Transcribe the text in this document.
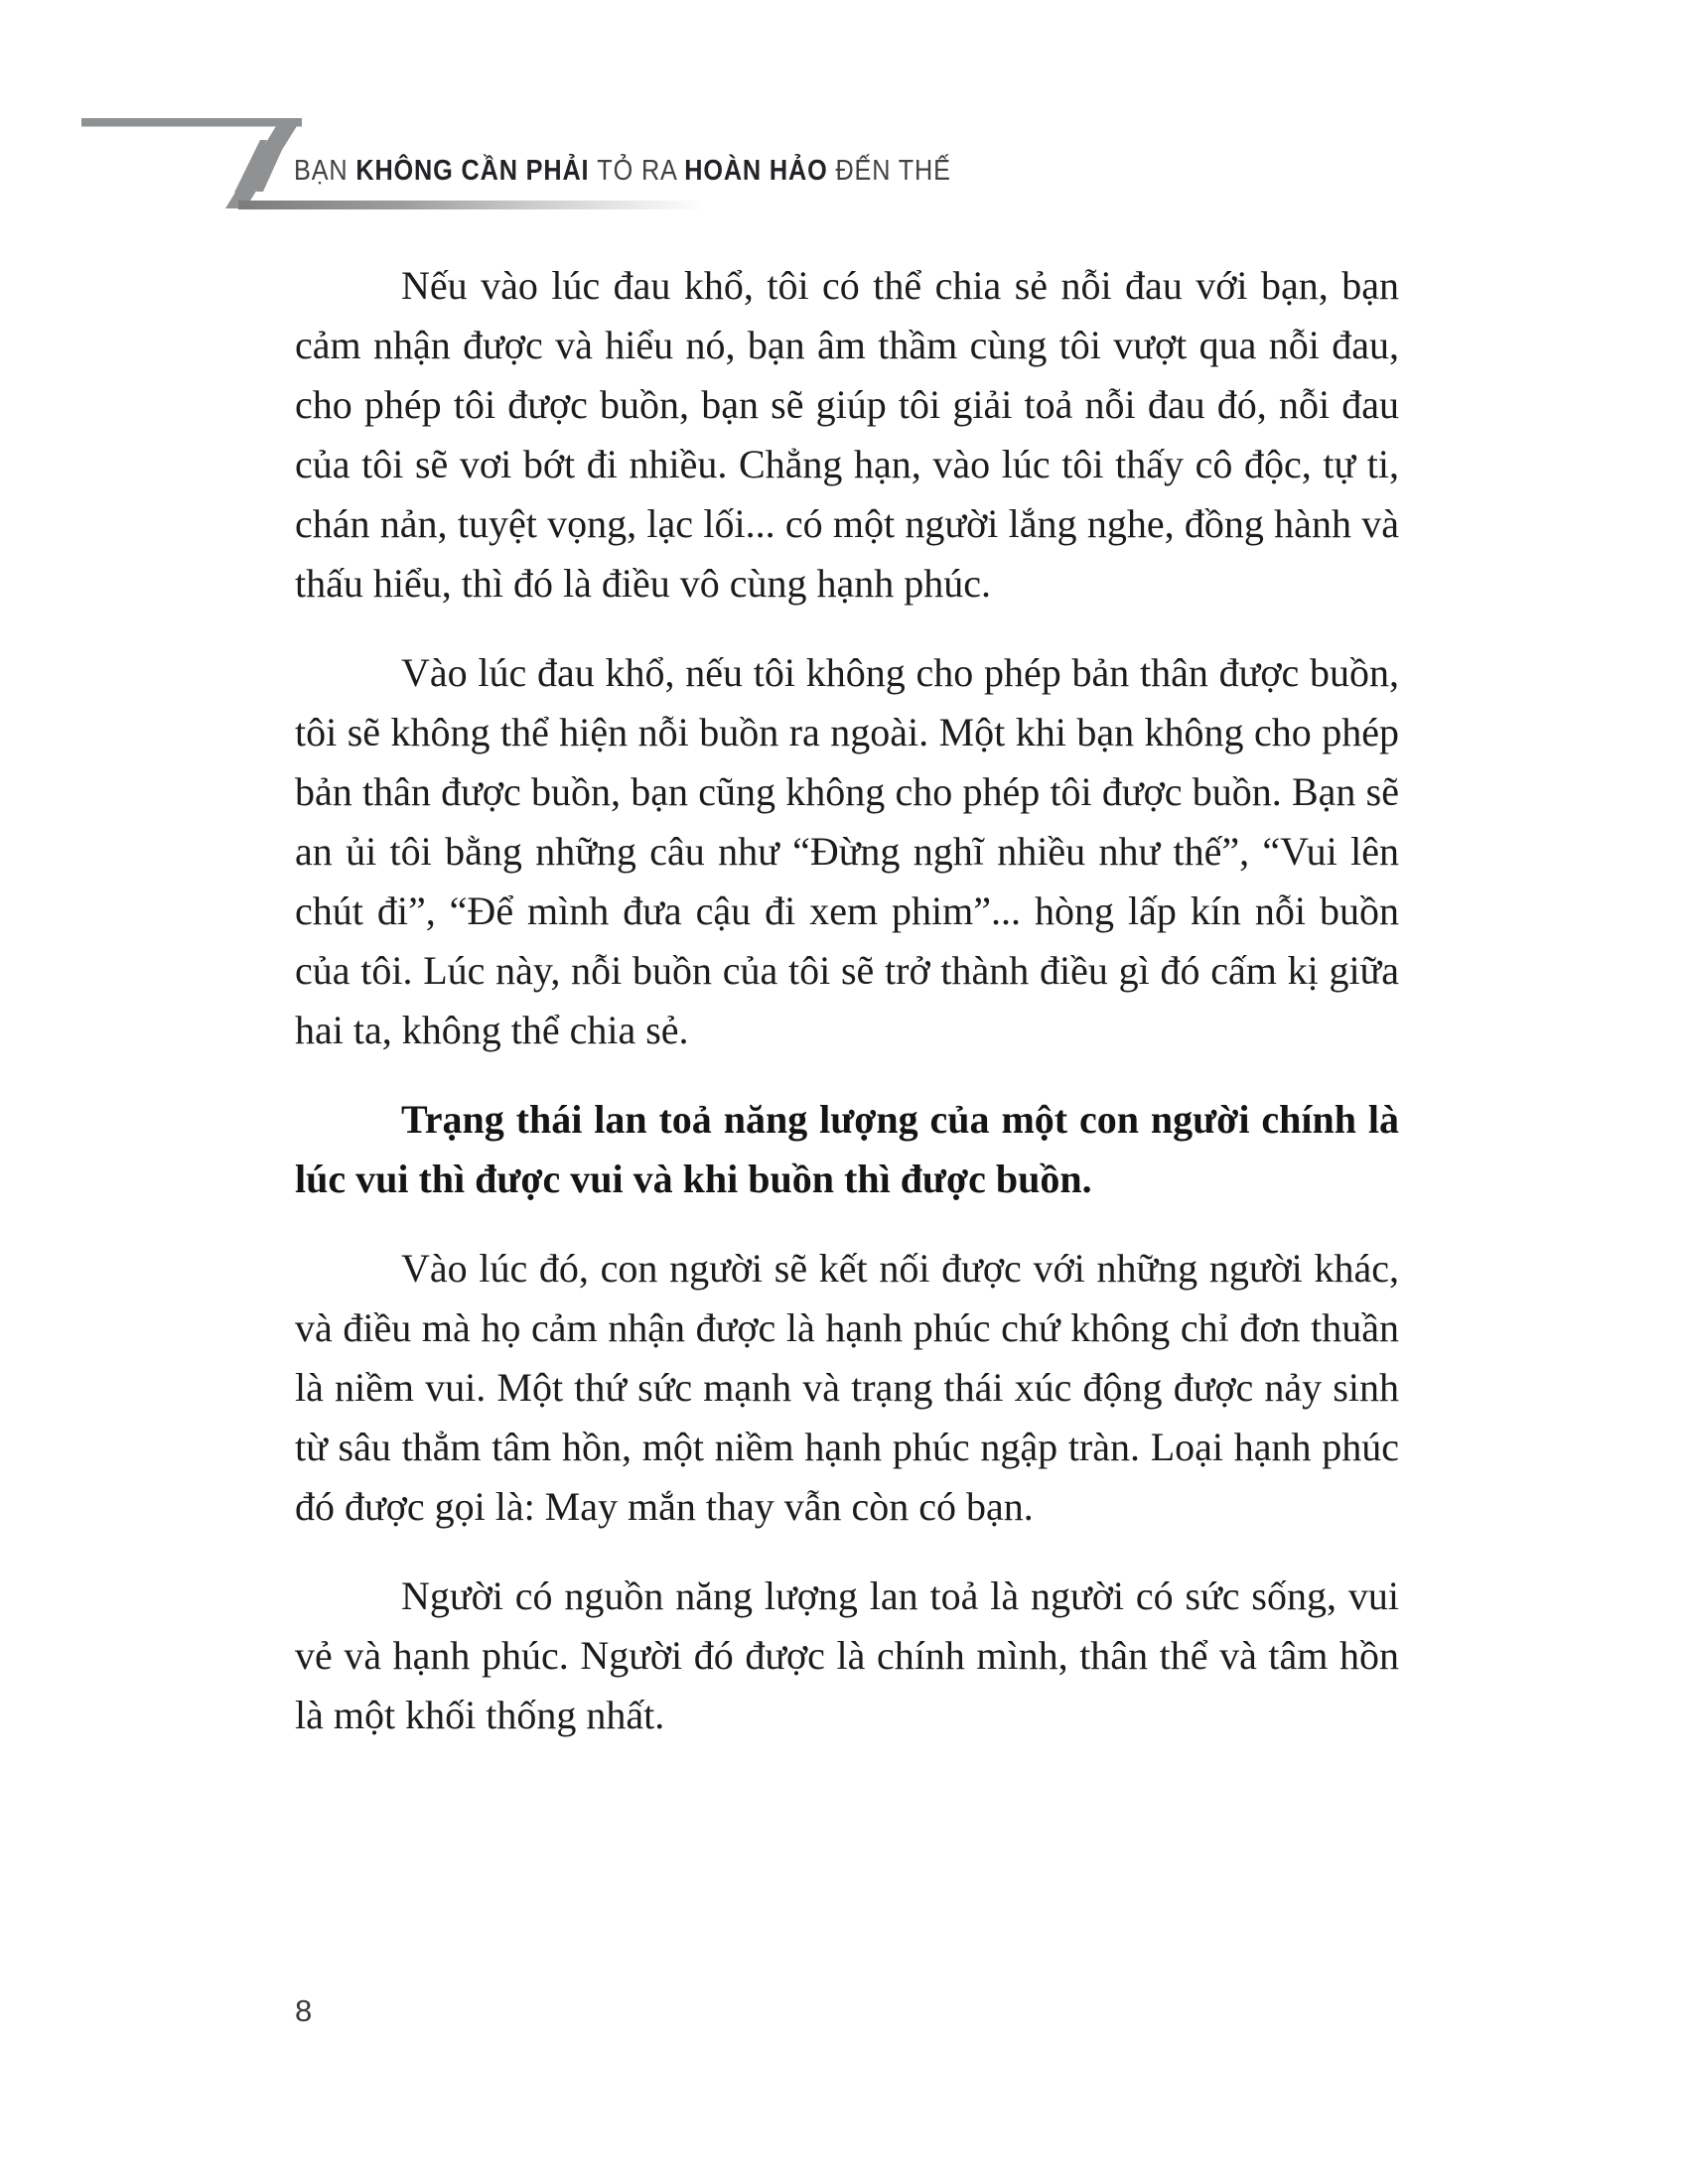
BẠN KHÔNG CẦN PHẢI TỎ RA HOÀN HẢO ĐẾN THẾ

Nếu vào lúc đau khổ, tôi có thể chia sẻ nỗi đau với bạn, bạn cảm nhận được và hiểu nó, bạn âm thầm cùng tôi vượt qua nỗi đau, cho phép tôi được buồn, bạn sẽ giúp tôi giải toả nỗi đau đó, nỗi đau của tôi sẽ vơi bớt đi nhiều. Chẳng hạn, vào lúc tôi thấy cô độc, tự ti, chán nản, tuyệt vọng, lạc lối... có một người lắng nghe, đồng hành và thấu hiểu, thì đó là điều vô cùng hạnh phúc.

Vào lúc đau khổ, nếu tôi không cho phép bản thân được buồn, tôi sẽ không thể hiện nỗi buồn ra ngoài. Một khi bạn không cho phép bản thân được buồn, bạn cũng không cho phép tôi được buồn. Bạn sẽ an ủi tôi bằng những câu như “Đừng nghĩ nhiều như thế”, “Vui lên chút đi”, “Để mình đưa cậu đi xem phim”... hòng lấp kín nỗi buồn của tôi. Lúc này, nỗi buồn của tôi sẽ trở thành điều gì đó cấm kị giữa hai ta, không thể chia sẻ.

Trạng thái lan toả năng lượng của một con người chính là lúc vui thì được vui và khi buồn thì được buồn.

Vào lúc đó, con người sẽ kết nối được với những người khác, và điều mà họ cảm nhận được là hạnh phúc chứ không chỉ đơn thuần là niềm vui. Một thứ sức mạnh và trạng thái xúc động được nảy sinh từ sâu thẳm tâm hồn, một niềm hạnh phúc ngập tràn. Loại hạnh phúc đó được gọi là: May mắn thay vẫn còn có bạn.

Người có nguồn năng lượng lan toả là người có sức sống, vui vẻ và hạnh phúc. Người đó được là chính mình, thân thể và tâm hồn là một khối thống nhất.

8
